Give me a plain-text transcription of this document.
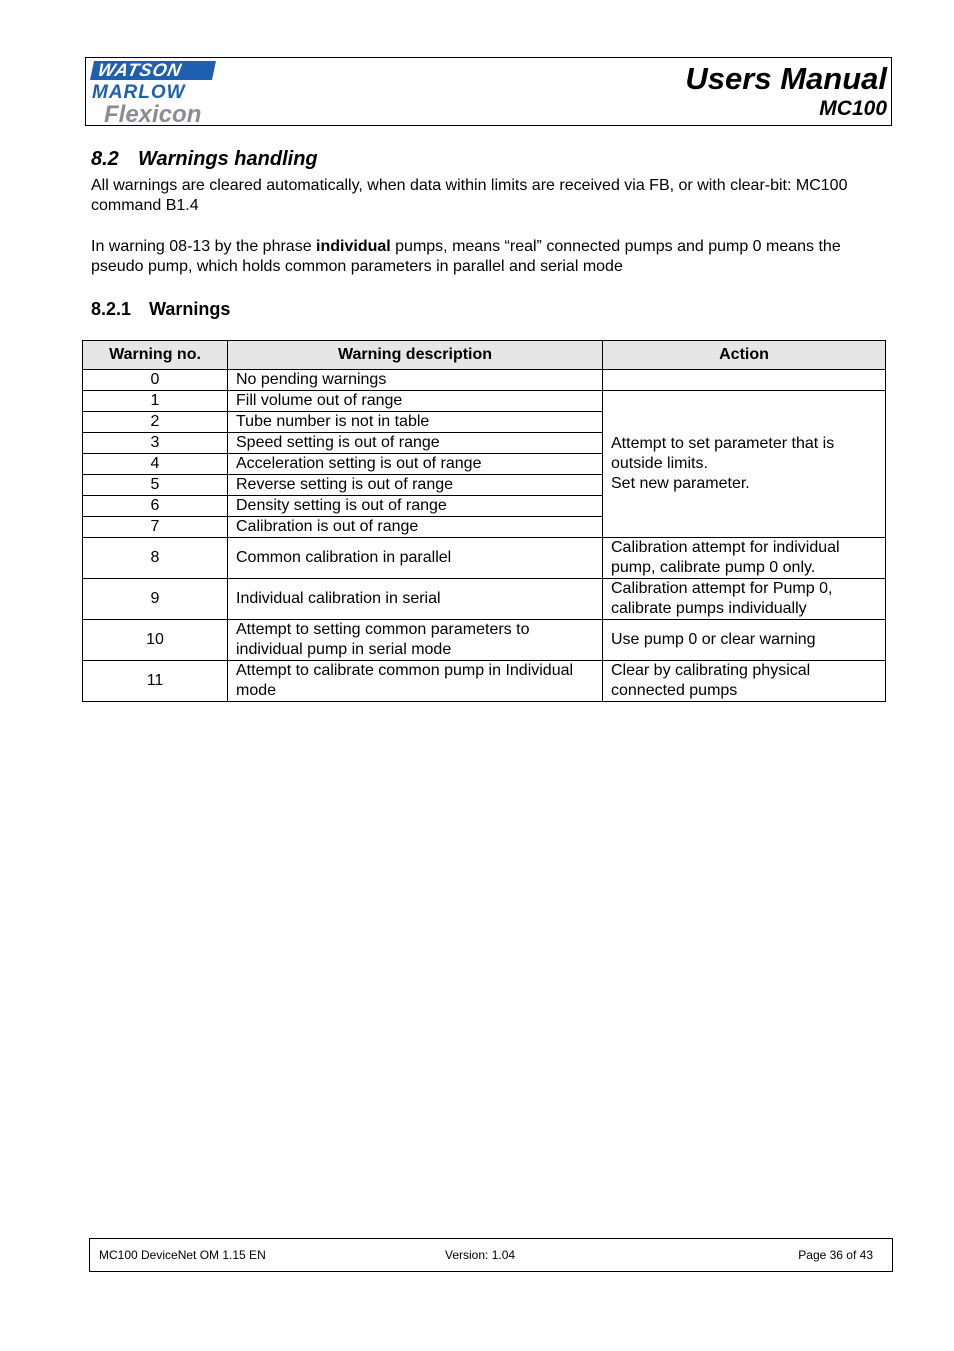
WATSON
MARLOW
Flexicon
Users Manual
MC100
8.2 Warnings handling
All warnings are cleared automatically, when data within limits are received via FB, or with clear-bit: MC100 command B1.4
In warning 08-13 by the phrase individual pumps, means “real” connected pumps and pump 0 means the pseudo pump, which holds common parameters in parallel and serial mode
8.2.1 Warnings
Warning no.	Warning description	Action
0	No pending warnings	
1	Fill volume out of range	Attempt to set parameter that is outside limits.
Set new parameter.

2	Tube number is not in table	
3	Speed setting is out of range	
4	Acceleration setting is out of range	
5	Reverse setting is out of range	
6	Density setting is out of range	
7	Calibration is out of range	
8	Common calibration in parallel	Calibration attempt for individual pump, calibrate pump 0 only.
9	Individual calibration in serial	Calibration attempt for Pump 0, calibrate pumps individually
10	Attempt to setting common parameters to individual pump in serial mode	Use pump 0 or clear warning
11	Attempt to calibrate common pump in Individual mode	Clear by calibrating physical connected pumps
MC100 DeviceNet OM 1.15 EN	Version: 1.04	Page 36 of 43
